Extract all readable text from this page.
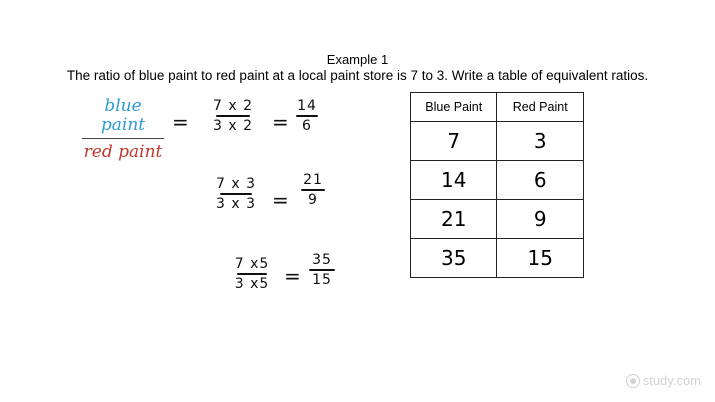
Example 1
The ratio of blue paint to red paint at a local paint store is 7 to 3. Write a table of equivalent ratios.
blue paint
red paint
=
7 x 2
3 x 2 =
14
6
7 x 3
3 x 3 =
21
9
7 x5
3 x5 =
35
15
Blue Paint	Red Paint
7	3
14	6
21	9
35	15
study.com
